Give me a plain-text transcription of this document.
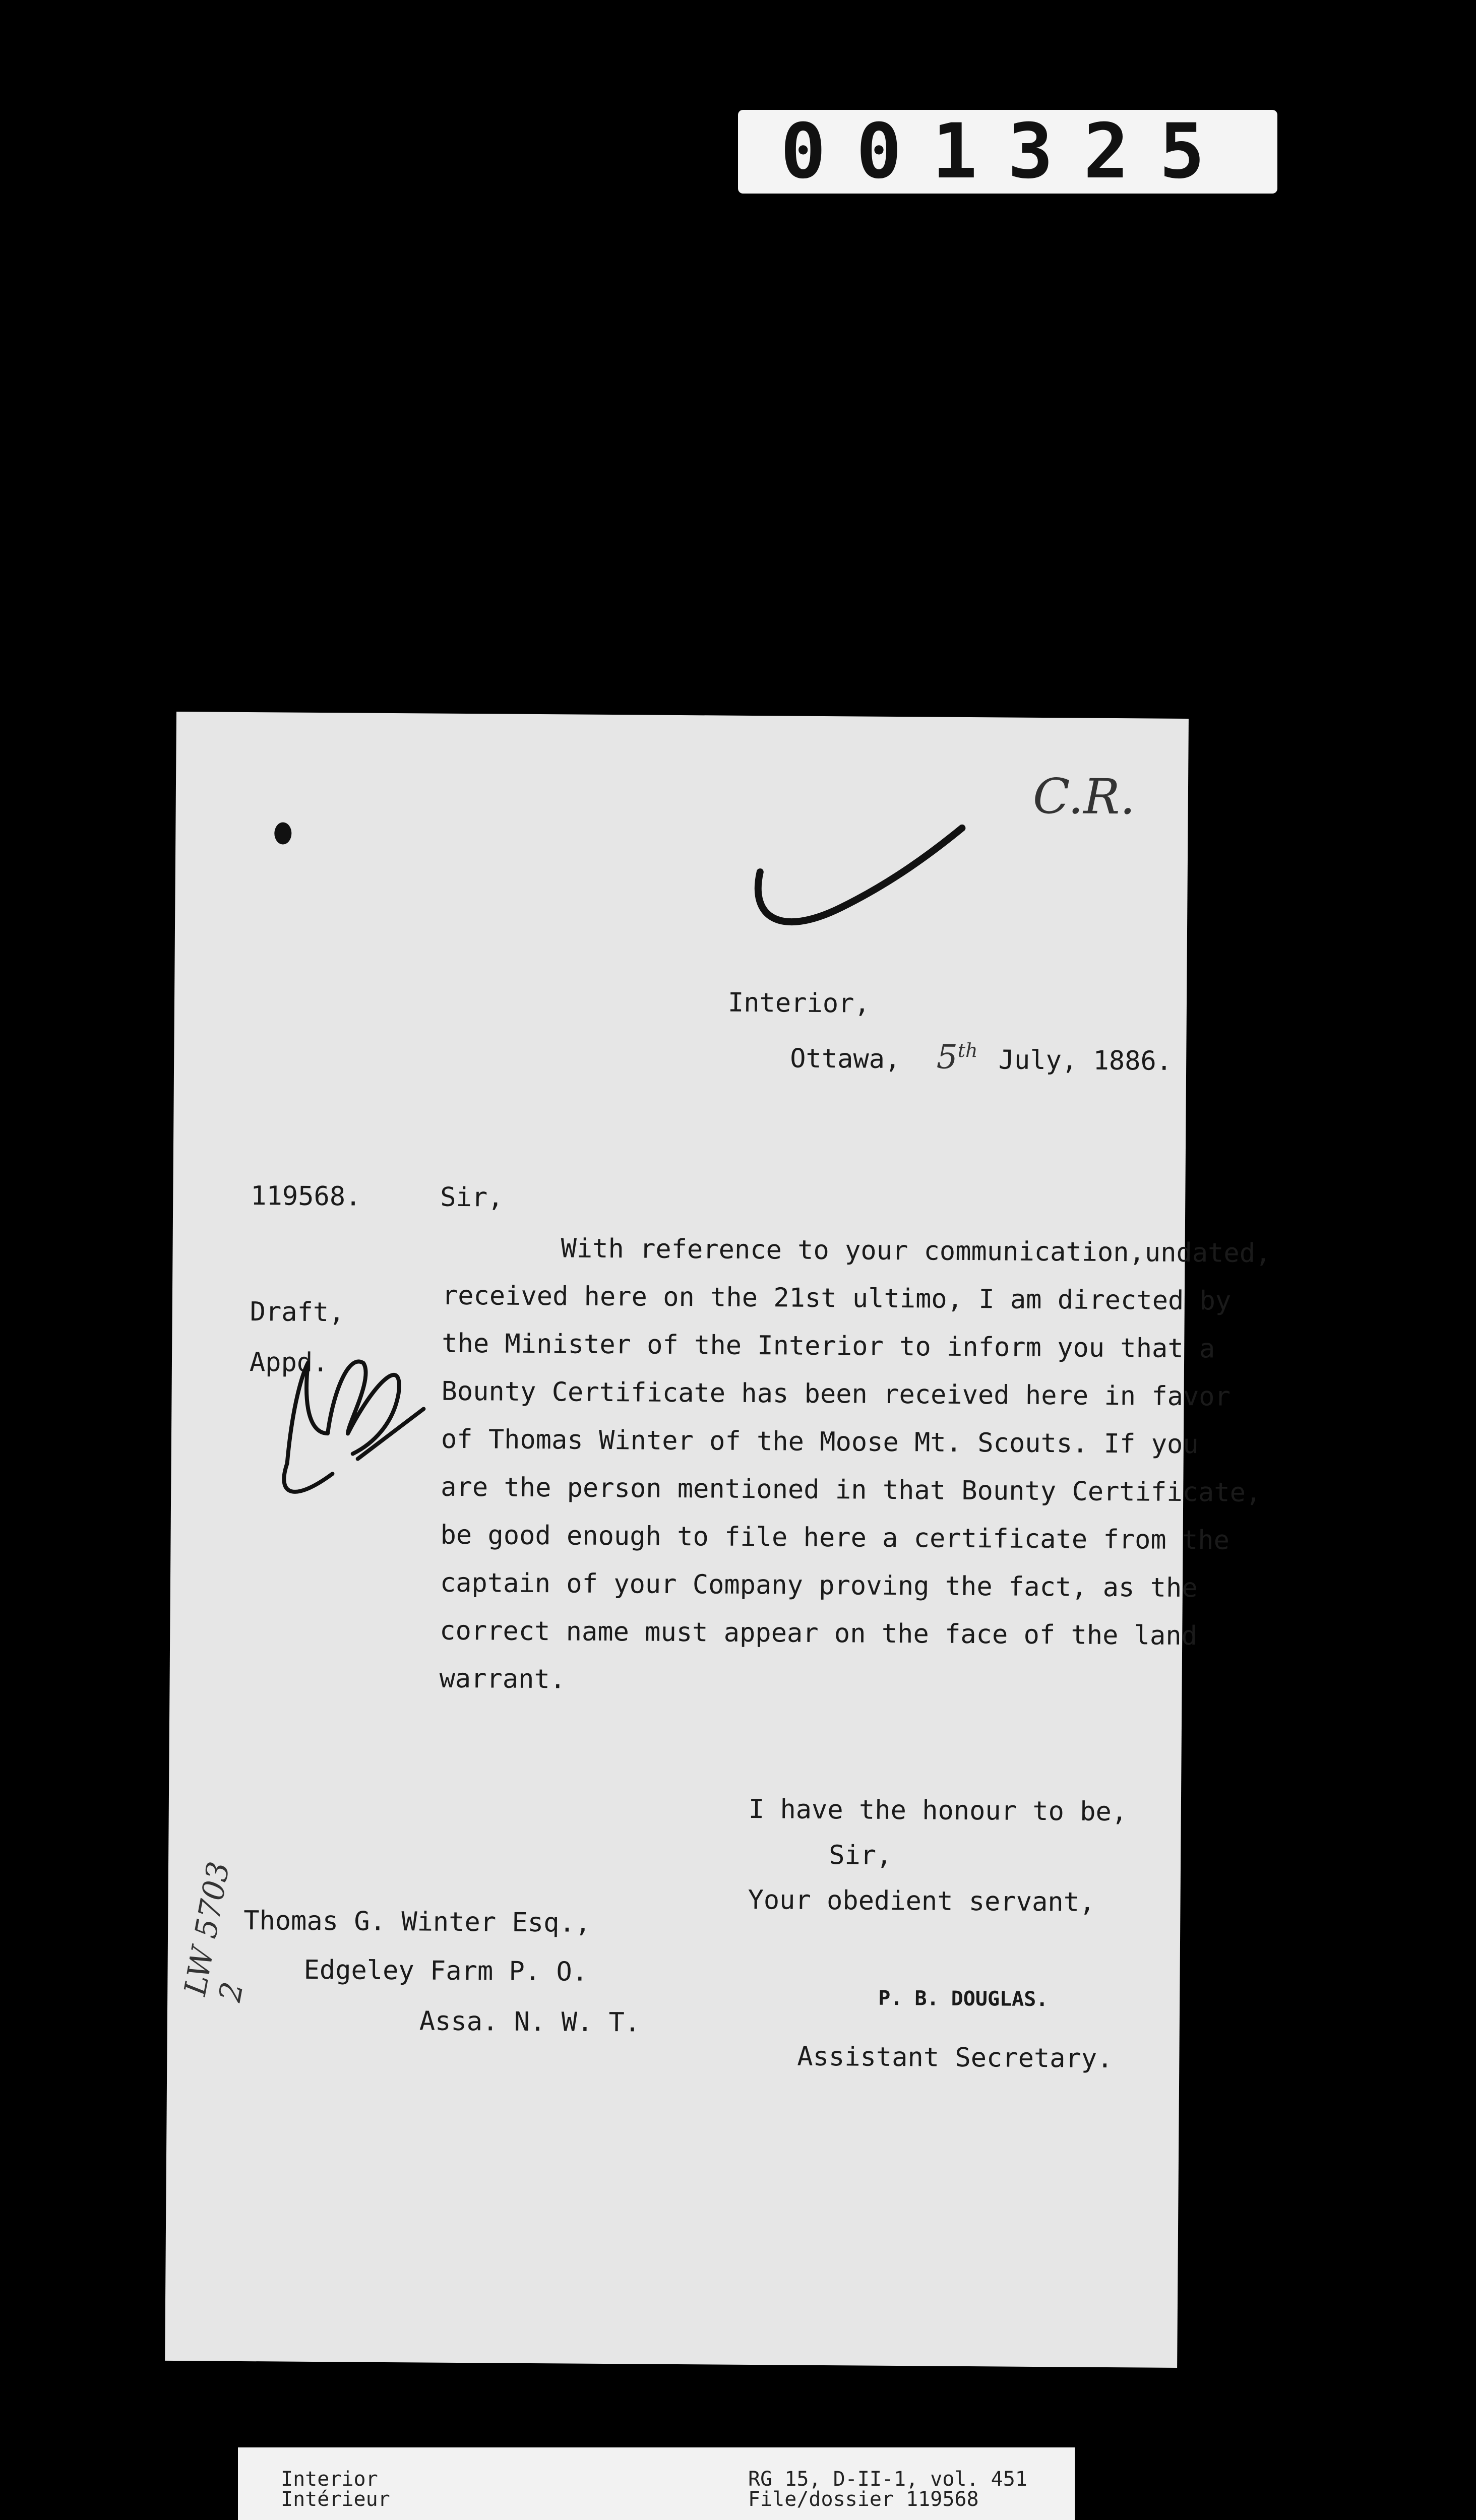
001325
C.R.
Interior,
Ottawa, 5th July, 1886.
119568.	Sir,
Draft,
Appd.
With reference to your communication,undated,
received here on the 21st ultimo, I am directed by
the Minister of the Interior to inform you that a
Bounty Certificate has been received here in favor
of Thomas Winter of the Moose Mt. Scouts. If you
are the person mentioned in that Bounty Certificate,
be good enough to file here a certificate from the
captain of your Company proving the fact, as the
correct name must appear on the face of the land
warrant.
I have the honour to be,
Sir,
Your obedient servant,
Thomas G. Winter Esq.,
Edgeley Farm P. O.
Assa. N. W. T.
P. B. DOUGLAS.
Assistant Secretary.
LW 5703 2
Interior
Intérieur
RG 15, D-II-1, vol. 451
File/dossier 119568
